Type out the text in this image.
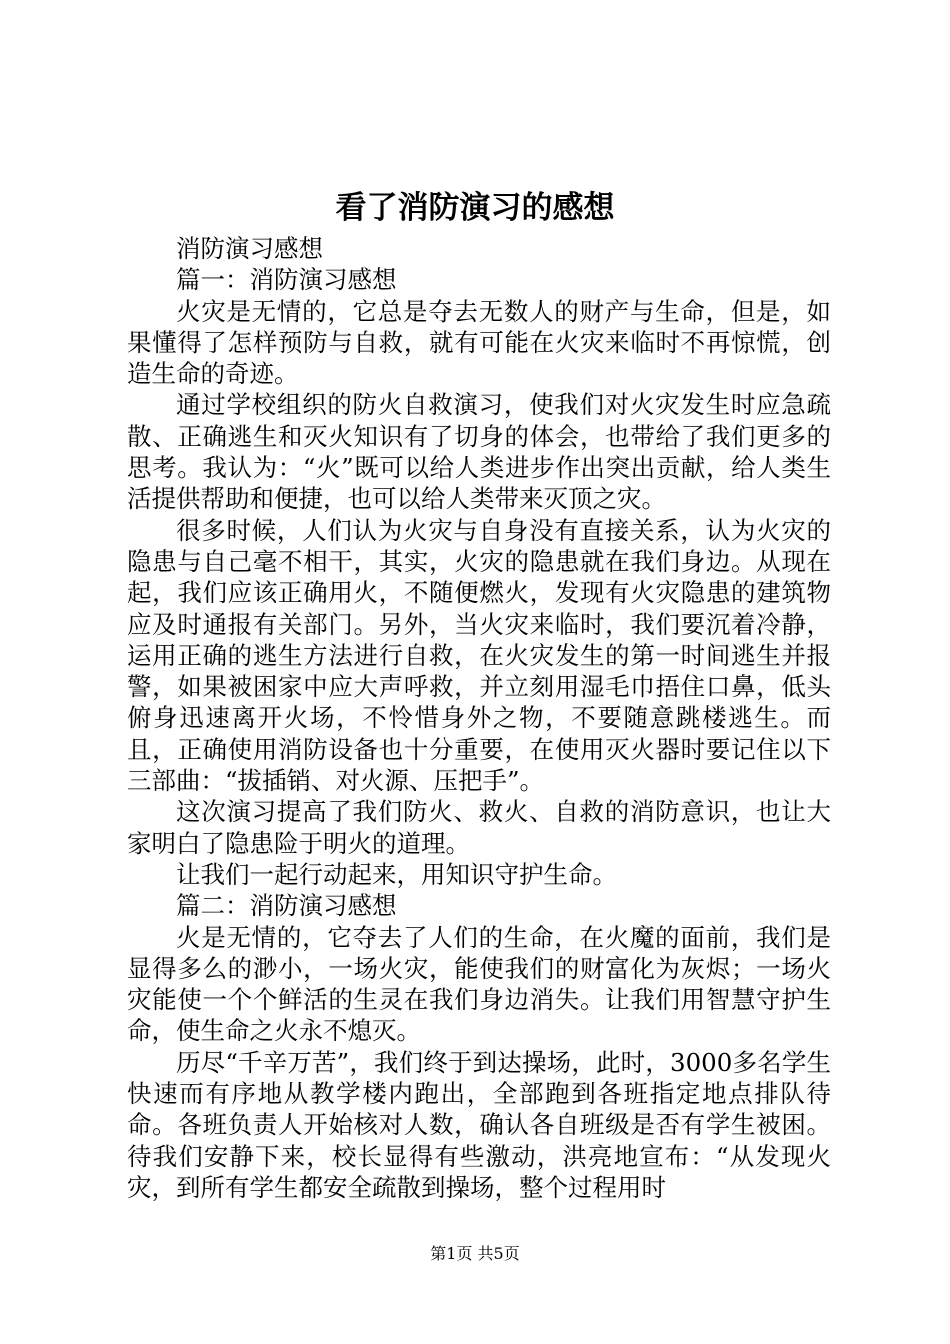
看了消防演习的感想

消防演习感想

篇一：消防演习感想

火灾是无情的，它总是夺去无数人的财产与生命，但是，如果懂得了怎样预防与自救，就有可能在火灾来临时不再惊慌，创造生命的奇迹。

通过学校组织的防火自救演习，使我们对火灾发生时应急疏散、正确逃生和灭火知识有了切身的体会，也带给了我们更多的思考。我认为：“火”既可以给人类进步作出突出贡献，给人类生活提供帮助和便捷，也可以给人类带来灭顶之灾。

很多时候，人们认为火灾与自身没有直接关系，认为火灾的隐患与自己毫不相干，其实，火灾的隐患就在我们身边。从现在起，我们应该正确用火，不随便燃火，发现有火灾隐患的建筑物应及时通报有关部门。另外，当火灾来临时，我们要沉着冷静，运用正确的逃生方法进行自救，在火灾发生的第一时间逃生并报警，如果被困家中应大声呼救，并立刻用湿毛巾捂住口鼻，低头俯身迅速离开火场，不怜惜身外之物，不要随意跳楼逃生。而且，正确使用消防设备也十分重要，在使用灭火器时要记住以下三部曲：“拔插销、对火源、压把手”。

这次演习提高了我们防火、救火、自救的消防意识，也让大家明白了隐患险于明火的道理。

让我们一起行动起来，用知识守护生命。

篇二：消防演习感想

火是无情的，它夺去了人们的生命，在火魔的面前，我们是显得多么的渺小，一场火灾，能使我们的财富化为灰烬；一场火灾能使一个个鲜活的生灵在我们身边消失。让我们用智慧守护生命，使生命之火永不熄灭。

历尽“千辛万苦”，我们终于到达操场，此时，3000多名学生快速而有序地从教学楼内跑出，全部跑到各班指定地点排队待命。各班负责人开始核对人数，确认各自班级是否有学生被困。待我们安静下来，校长显得有些激动，洪亮地宣布：“从发现火灾，到所有学生都安全疏散到操场，整个过程用时

第1页 共5页
